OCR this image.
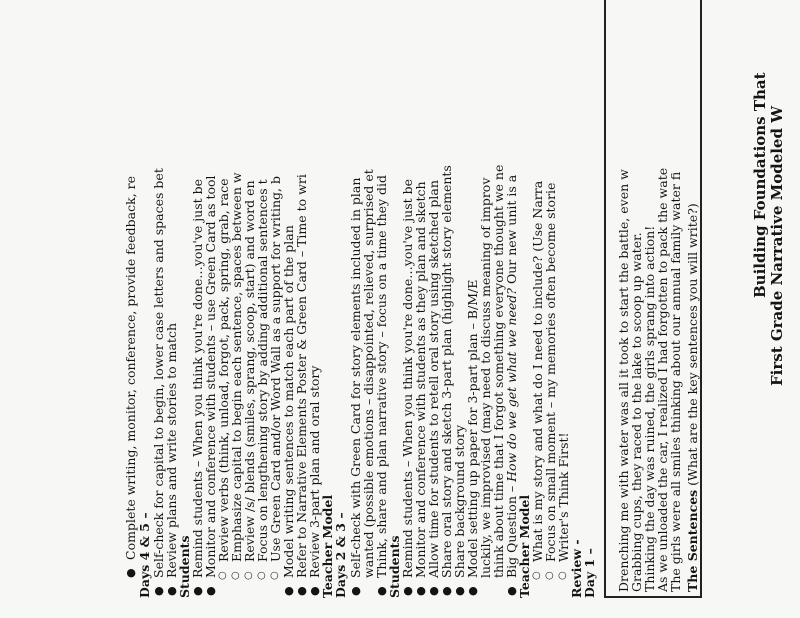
Building Foundations That First Grade Narrative Modeled W
The Sentences (What are the key sentences you will write?)
The girls were all smiles thinking about our annual family water fi
As we unloaded the car, I realized I had forgotten to pack the wate
Thinking the day was ruined, the girls sprang into action!
Grabbing cups, they raced to the lake to scoop up water.
Drenching me with water was all it took to start the battle, even w
Day 1 –
Review -
○
Writer's Think First!
○
Focus on small moment – my memories often become storie
○
What is my story and what do I need to include? (Use Narra
Teacher Model
●
Big Question – How do we get what we need? Our new unit is a
think about time that I forgot something everyone thought we ne
luckily, we improvised (may need to discuss meaning of improv
●
Model setting up paper for 3-part plan – B/M/E
●
Share background story
●
Share oral story and sketch 3-part plan (highlight story elements
●
Allow time for students to retell oral story using sketched plan
●
Monitor and conference with students as they plan and sketch
●
Remind students – When you think you're done…you've just be
Students
●
Think, share and plan narrative story – focus on a time they did
wanted (possible emotions – disappointed, relieved, surprised et
●
Self-check with Green Card for story elements included in plan
Days 2 & 3 –
Teacher Model
●
Review 3-part plan and oral story
●
Refer to Narrative Elements Poster & Green Card – Time to wri
●
Model writing sentences to match each part of the plan
○
Use Green Card and/or Word Wall as a support for writing, b
○
Focus on lengthening story by adding additional sentences t
○
Review /s/ blends (smiles, sprang, scoop, start) and word en
○
Emphasize capital to begin each sentence, spaces between w
○
Review verbs (think, unload, forgot, pack, spring, grab, race
●
Monitor and conference with students – use Green Card as tool
●
Remind students – When you think you're done…you've just be
Students
●
Review plans and write stories to match
●
Self-check for capital to begin, lower case letters and spaces bet
Days 4 & 5 –
●
Complete writing, monitor, conference, provide feedback, re
